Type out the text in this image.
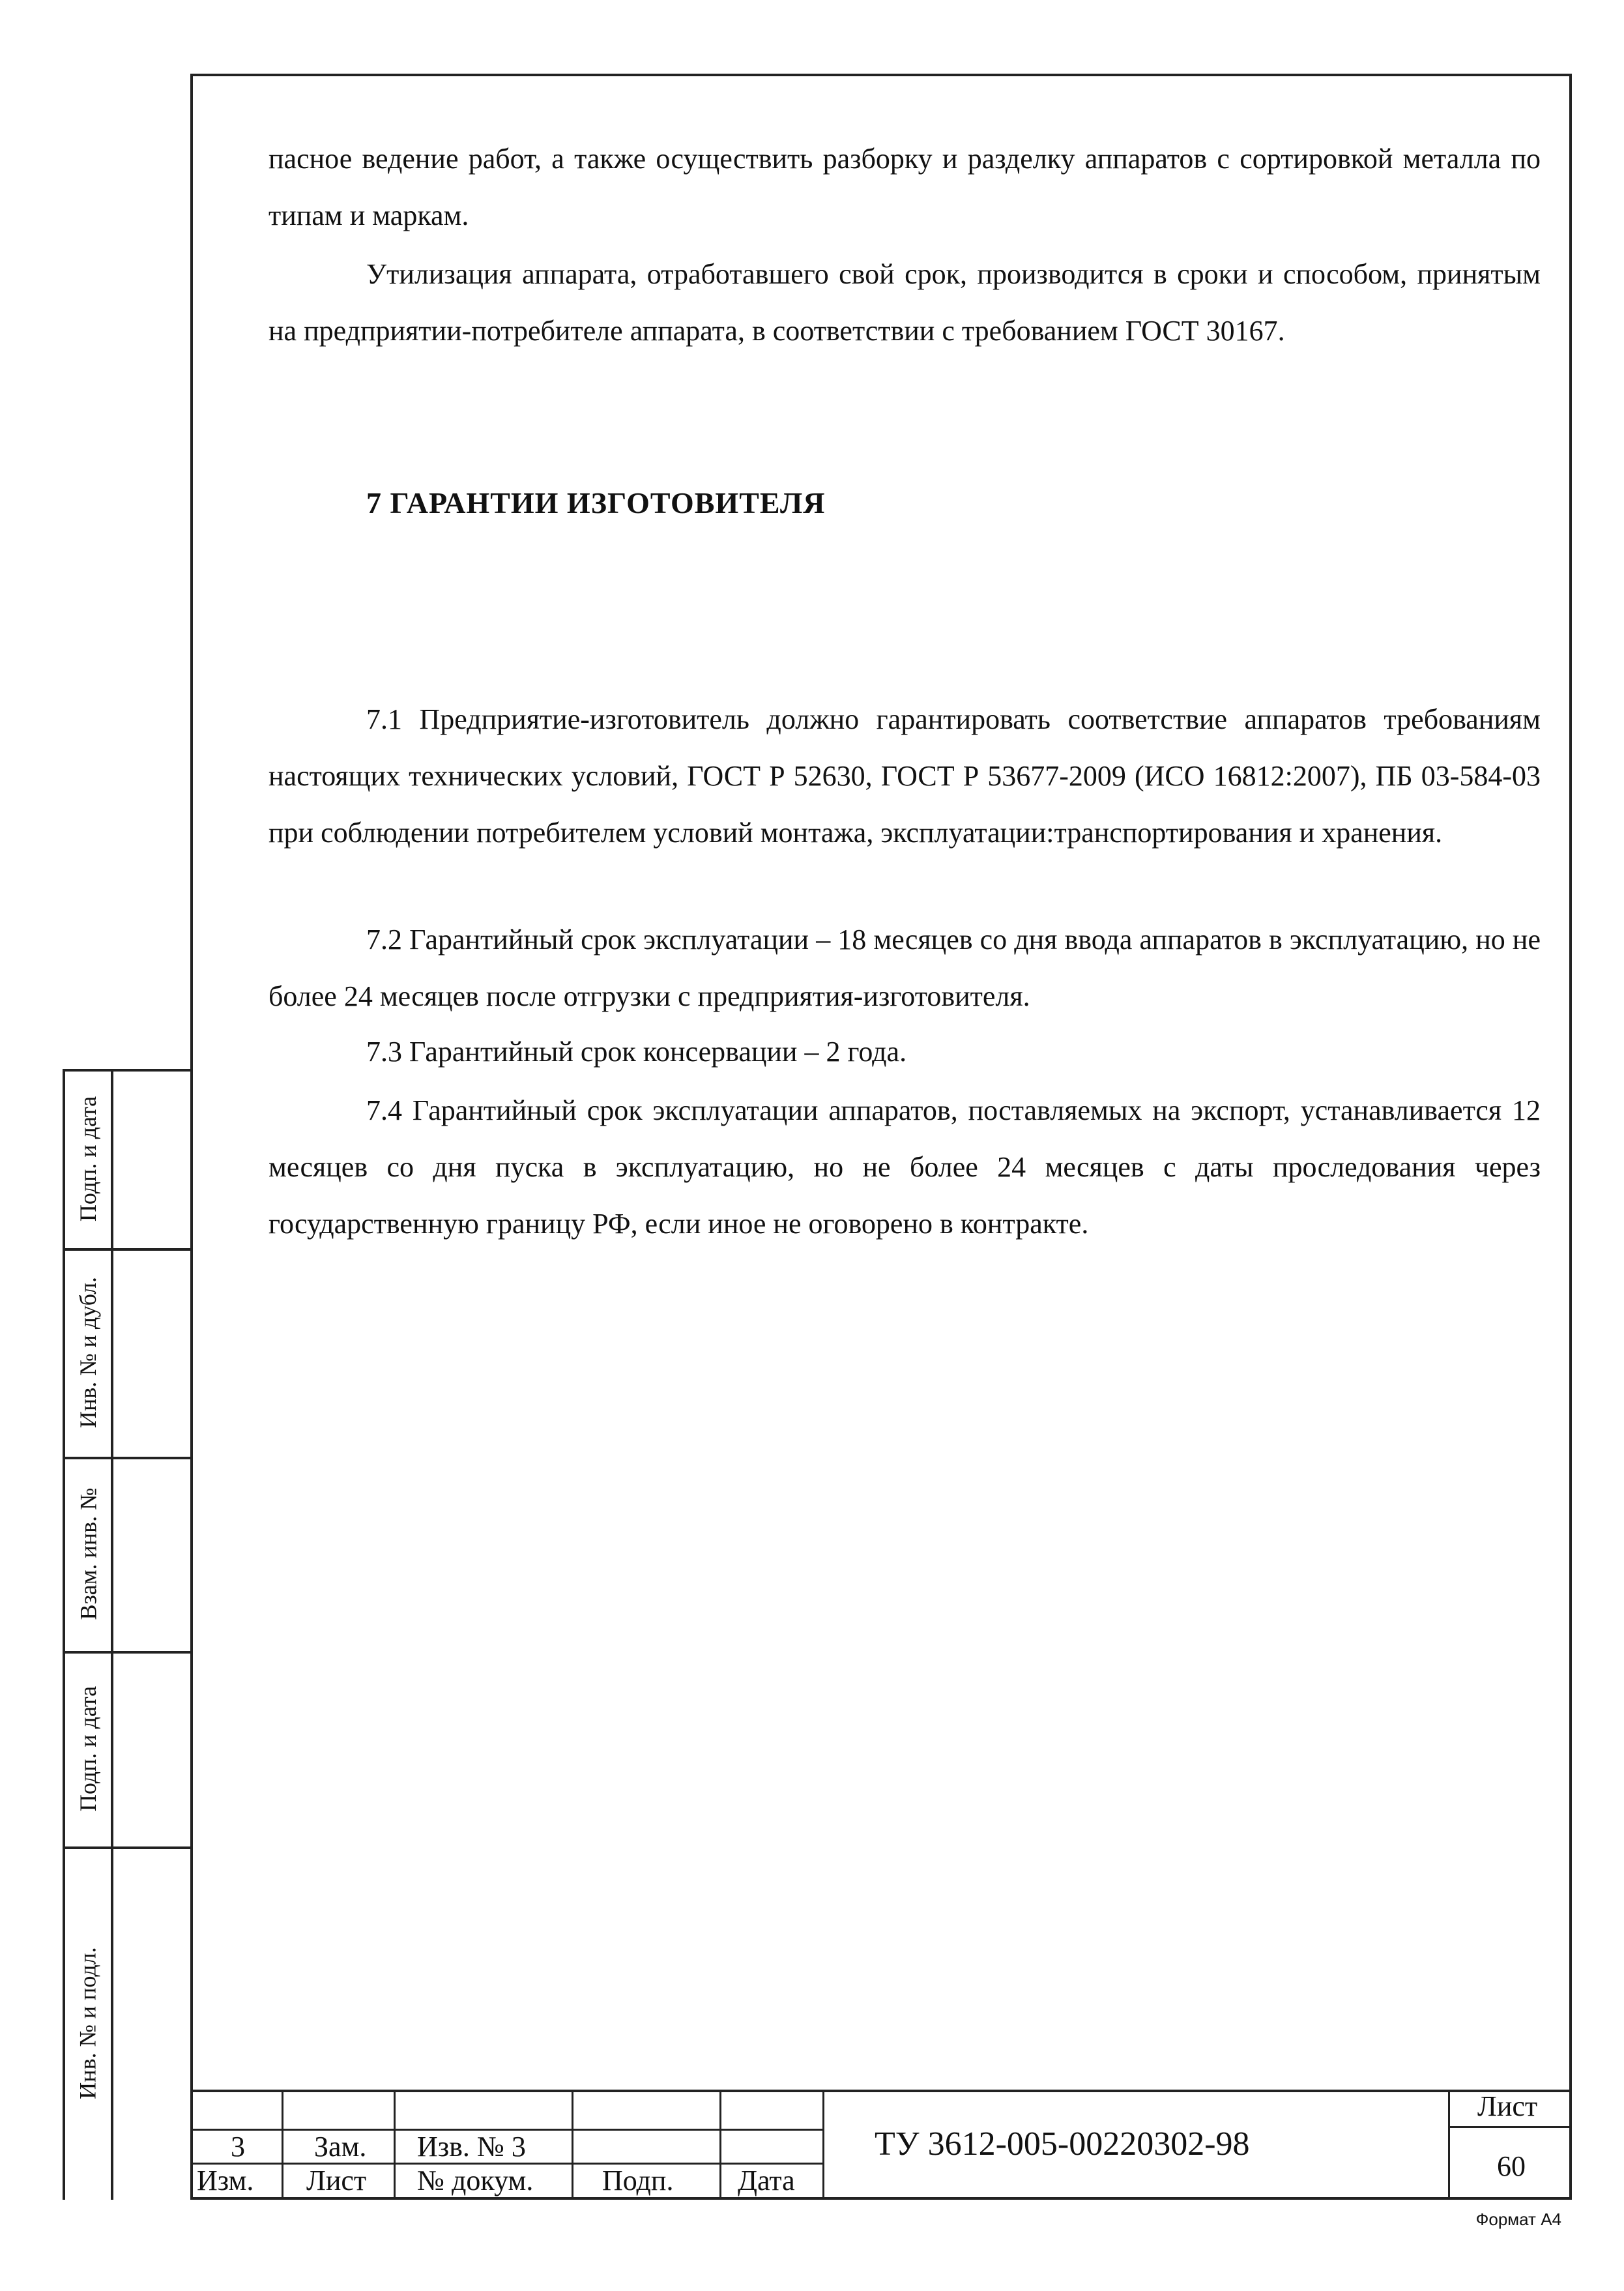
пасное ведение работ, а также осуществить разборку и разделку аппаратов с сортировкой металла по типам и маркам.

Утилизация аппарата, отработавшего свой срок, производится в сроки и способом, принятым на предприятии-потребителе аппарата, в соответствии с требованием ГОСТ 30167.

7 ГАРАНТИИ ИЗГОТОВИТЕЛЯ

7.1 Предприятие-изготовитель должно гарантировать соответствие аппаратов требованиям настоящих технических условий, ГОСТ Р 52630, ГОСТ Р 53677-2009 (ИСО 16812:2007), ПБ 03-584-03 при соблюдении потребителем условий монтажа, эксплуатации:транспортирования и хранения.

7.2 Гарантийный срок эксплуатации – 18 месяцев со дня ввода аппаратов в эксплуатацию, но не более 24 месяцев после отгрузки с предприятия-изготовителя.

7.3 Гарантийный срок консервации – 2 года.

7.4 Гарантийный срок эксплуатации аппаратов, поставляемых на экспорт, устанавливается 12 месяцев со дня пуска в эксплуатацию, но не более 24 месяцев с даты проследования через государственную границу РФ, если иное не оговорено в контракте.

Подп. и дата
Инв. № и дубл.
Взам. инв. №
Подп. и дата
Инв. № и подл.
3 Зам. Изв. № 3
Изм. Лист № докум. Подп. Дата
ТУ 3612-005-00220302-98
Лист
60
Формат А4
